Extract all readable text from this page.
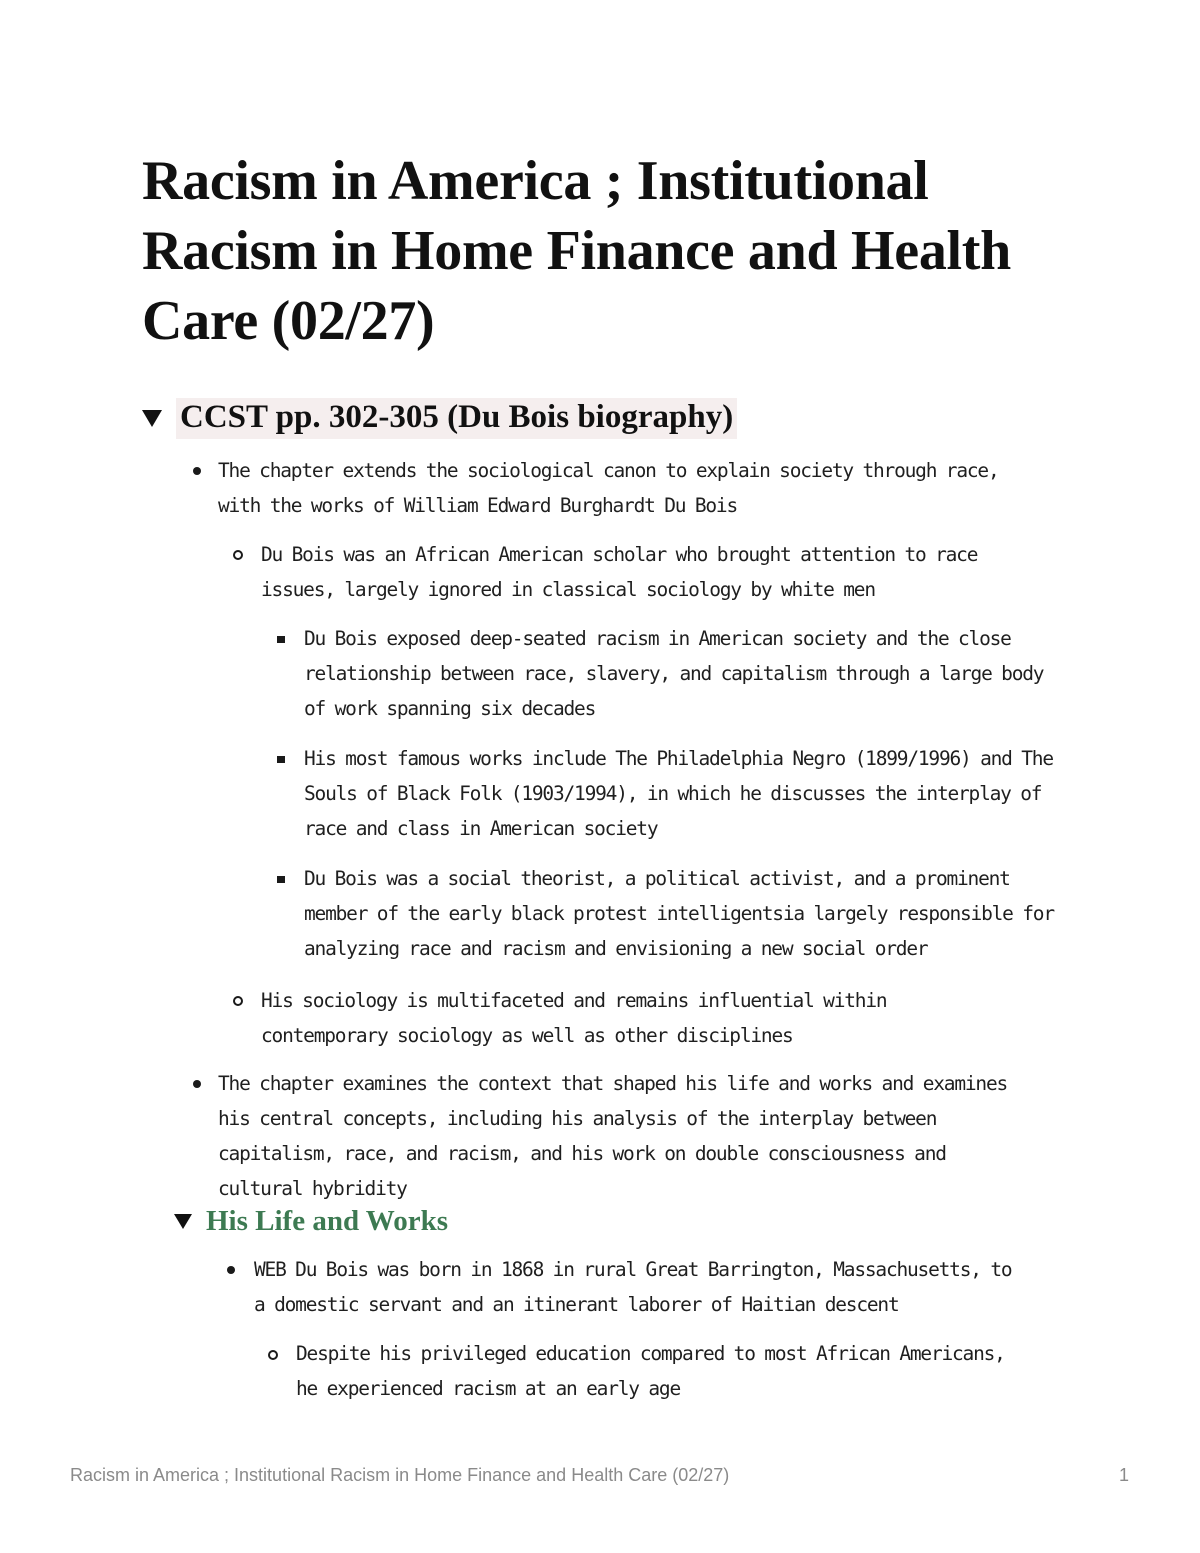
Racism in America ; Institutional Racism in Home Finance and Health Care (02/27)
CCST pp. 302-305 (Du Bois biography)

The chapter extends the sociological canon to explain society through race, with the works of William Edward Burghardt Du Bois

Du Bois was an African American scholar who brought attention to race issues, largely ignored in classical sociology by white men

Du Bois exposed deep-seated racism in American society and the close relationship between race, slavery, and capitalism through a large body of work spanning six decades

His most famous works include The Philadelphia Negro (1899/1996) and The Souls of Black Folk (1903/1994), in which he discusses the interplay of race and class in American society

Du Bois was a social theorist, a political activist, and a prominent member of the early black protest intelligentsia largely responsible for analyzing race and racism and envisioning a new social order

His sociology is multifaceted and remains influential within contemporary sociology as well as other disciplines

The chapter examines the context that shaped his life and works and examines his central concepts, including his analysis of the interplay between capitalism, race, and racism, and his work on double consciousness and cultural hybridity

His Life and Works

WEB Du Bois was born in 1868 in rural Great Barrington, Massachusetts, to a domestic servant and an itinerant laborer of Haitian descent

Despite his privileged education compared to most African Americans, he experienced racism at an early age

Racism in America ; Institutional Racism in Home Finance and Health Care (02/27)	1
